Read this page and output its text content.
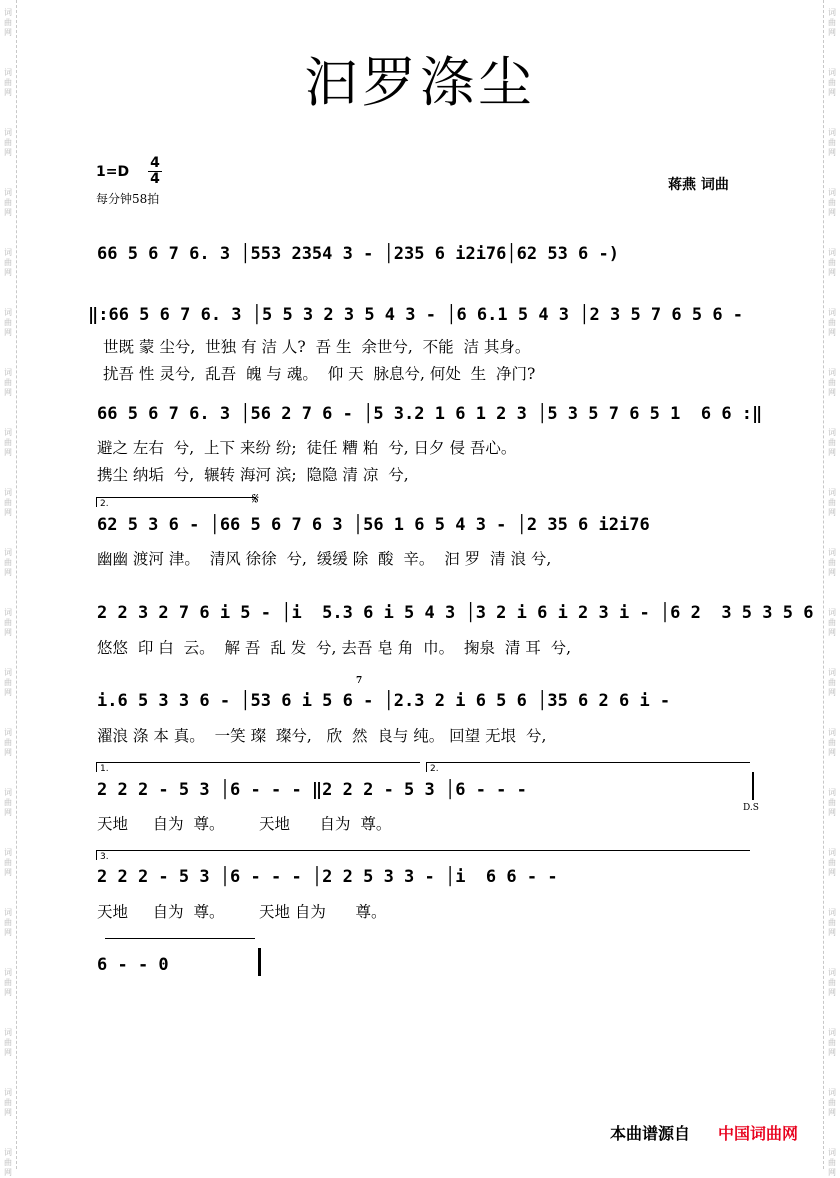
词
曲
网
词
曲
网
词
曲
网
词
曲
网
词
曲
网
词
曲
网
词
曲
网
词
曲
网
词
曲
网
词
曲
网
词
曲
网
词
曲
网
词
曲
网
词
曲
网
词
曲
网
词
曲
网
词
曲
网
词
曲
网
词
曲
网
词
曲
网
词
曲
网
词
曲
网
词
曲
网
词
曲
网
词
曲
网
词
曲
网
词
曲
网
词
曲
网
词
曲
网
词
曲
网
词
曲
网
词
曲
网
词
曲
网
词
曲
网
词
曲
网
词
曲
网
词
曲
网
词
曲
网
词
曲
网
词
曲
网
汩罗涤尘
1=D
4
4
每分钟58拍
蒋燕 词曲
66 5 6 7 6. 3 │553 2354 3 - │235 6 i2i76│62 53 6 -)
‖:66 5 6 7 6. 3 │5 5 3 2 3 5 4 3 - │6 6.1 5 4 3 │2 3 5 7 6 5 6 -
世既 蒙 尘兮,  世独 有 洁 人?  吾 生  余世兮,  不能  洁 其身。
扰吾 性 灵兮,  乱吾  魄 与 魂。  仰 天  脉息兮, 何处  生  净门?
66 5 6 7 6. 3 │56 2 7 6 - │5 3.2 1 6 1 2 3 │5 3 5 7 6 5 1  6 6 :‖
避之 左右  兮,  上下 来纷 纷;  徒任 糟 粕  兮, 日夕 侵 吾心。
携尘 纳垢  兮,  辗转 海河 滨;  隐隐 清 凉  兮,
2.	𝄋
62 5 3 6 - │66 5 6 7 6 3 │56 1 6 5 4 3 - │2 35 6 i2i76
幽幽 渡河 津。  清风 徐徐  兮,  缓缓 除  酸  辛。  汩 罗  清 浪 兮,
2 2 3 2 7 6 i 5 - │i  5.3 6 i 5 4 3 │3 2 i 6 i 2 3 i - │6 2  3 5 3 5 6
悠悠  印 白  云。  解 吾  乱 发  兮, 去吾 皂 角  巾。  掬泉  清 耳  兮,
i.6 5 3 3 6 - │53 6 i 5 6 - │2.3 2 i 6 5 6 │35 6 2 6 i -
7
濯浪 涤 本 真。  一笑 璨  璨兮,   欣  然  良与 纯。 回望 无垠  兮,
1.	2.
2 2 2 - 5 3 │6 - - - ‖2 2 2 - 5 3 │6 - - -
D.S
天地     自为  尊。       天地      自为  尊。
3.
2 2 2 - 5 3 │6 - - - │2 2 5 3 3 - │i  6 6 - -
天地     自为  尊。       天地 自为      尊。
6 - - 0
本曲谱源自 中国词曲网
